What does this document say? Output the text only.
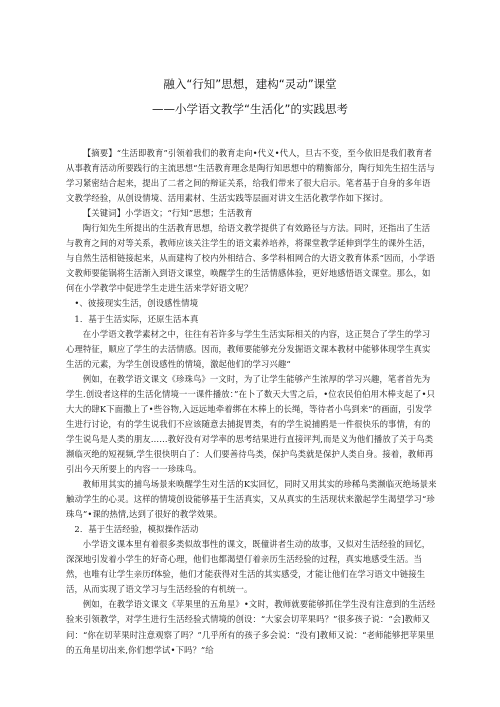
融入“行知”思想，建构“灵动”课堂
——小学语文教学“生活化”的实践思考

【摘要】“生活即教育”引领着我们的教育走向•代义•代人，旦古不变，至今依旧是我们教育者从事教育活动所要践行的主流思想“生活教育理念是陶行知思想中的精衡部分，陶行知先生招生活与学习紧密结合起来，提出了二者之间的辩证关系，给我们带来了很大启示。笔者基于自身的多年语文教学经验，从创设情境、活用素材、生活实践等层面对讲文生活化教学作如下探讨。

【关键词】小学语文；“行知”思想；生活教育

陶行知先生所提出的生活教育思想，给语文教学提供了有效路径与方法。同时，还指出了生活与教育之间的对等关系，教师应该关注学生的语文素养培养，将课堂教学延伸到学生的课外生活，与自然生活相链接起来，从而建构了校内外相结合、多学科相网合的大语文教育体系“因而，小学语文教师要能锅将生活渐入到语文课堂，唤醒学生的生活情感体验，更好地感悟语文课堂。那么，如何在小学教学中促进学生走进生活来学好语文呢？

•、彼接现实生活，创设感性情境

1．基于生活实际，还原生活本真

在小学语文教学素材之中，往往有若许多与学生生活实际相关的内容，这正契合了学生的学习心理特征，顺应了学生的去活情感。因而，教师要能够充分发掘语文课本教材中能够体现学生真实生活的元素，为学生创设感性的情境，激起他们的学习兴趣“

例如，在教学语文课文《珍珠鸟》一文时，为了让学生能够产生浓厚的学习兴趣，笔者首先为学生.创设者这样的生活化情境一一课件播放：”在卜了数天大雪之后，•位农民伯伯用木棒支起了•只大大的肆K下面撒上了•些谷物,入远远地牵着绑在木棒上的长绳，等待者小鸟到来”的画面，引发学生进行讨论，有的学生说我们不应该随意去捕捉胃类，有的学生说捕鸥是一件很快乐的事情，有的学生说鸟是人类的朋友……教好没有对学率的思考结果进行直接评判,而是义为他们播放了关于鸟类濒临灭绝的短视频,学生很快明白了：人们要善待鸟类，保护鸟类就是保护人类自身。接着，教师再引出今天所要上的内容一一珍珠鸟。

教师用其实的捕鸟场景来唤醒学生对生活的K实回忆，同时又用其实的珍稀鸟类濒临灭绝场景来触动学生的心灵。这样的情境创设能够基于生活真实，又从真实的生活现状来激起学生渴望学习“珍珠鸟”•课的热情,达到了很好的教学效果。

2．基于生活经验，模拟操作活动

小学语文课本里有着很多类似故事性的课文，既僮讲者生动的故事，又似对生活经验的回忆，深深地引发着小学生的好奇心理，他们也都渴望仃着亲历生活经验的过程，真实地感受生活。当然，也唯有让学生亲历f体验，他们才能获得对生活的其实感受，才能让他们在学习语文中链接生活，从而实现了语文学习与生活经验的有机统一。

例如，在教学语文课文《苹果里的五角星》•文时，教师就要能够抓住学生没有注意到的生活经验来引领教学，对学生进行生活经验式情境的创设：“大家会切苹果吗？”很多孩子说：“会]教师又问：“你在切苹果时注意观察了吗？”几乎所有的孩子多会说：“没有]教师又说：“老师能够把苹果里的五角星切出来,你们想学试•下吗？”给
